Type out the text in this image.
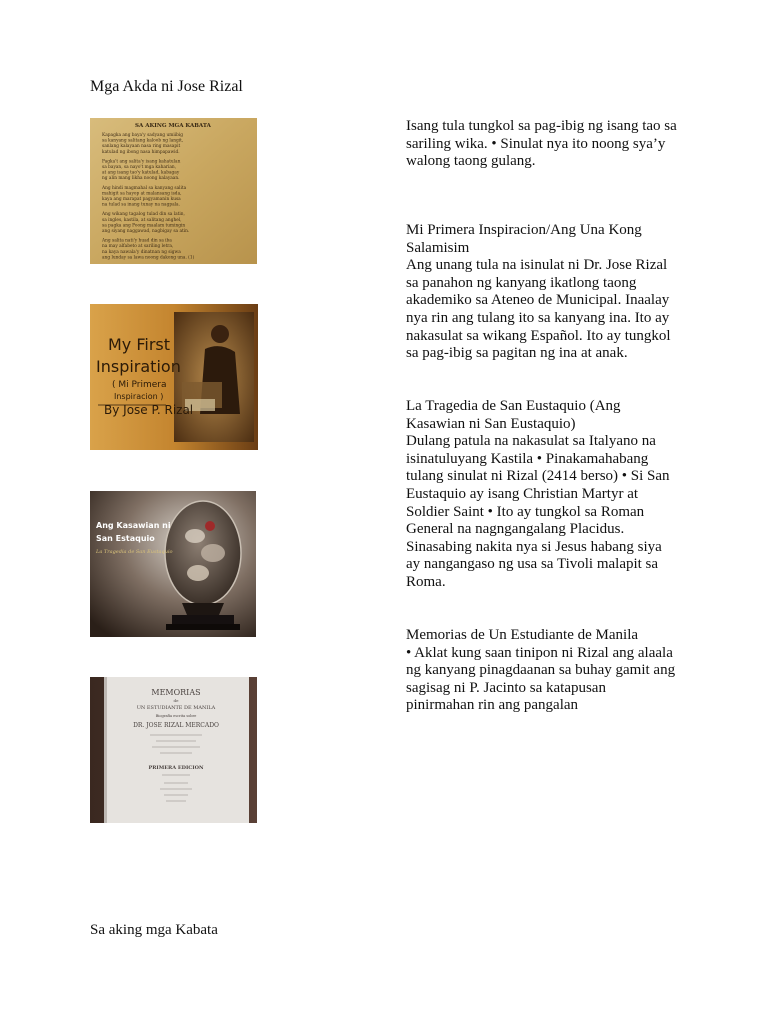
Mga Akda ni Jose Rizal
SA AKING MGA KABATA
Kapagka ang baya'y sadyang umiibig
sa kanyang salitang kaloob ng langit,
sanlang kalayaan nasa ring masapit
katulad ng ibong nasa himpapawid.
Pagka't ang salita'y isang kahatulan
sa bayan, sa nayo't mga kaharian,
at ang isang tao'y katulad, kabagay
ng alin mang likha noong kalayaan.
Ang hindi magmahal sa kanyang salita
mahigit sa hayop at malansang isda,
kaya ang marapat pagyamanin kusa
na tulad sa inang tunay na nagpala.
Ang wikang tagalog tulad din sa latin,
sa ingles, kastila, at salitang anghel,
sa pagka ang Poong maalam tumingin
ang siyang naggawad, nagbigay sa atin.
Ang salita nati'y huad din sa iba
na may alfabeto at sariling letra,
na kaya nawala'y dinatnan ng sigwa
ang lunday sa lawa noong dakong una. (1)
My First
Inspiration
( Mi Primera
Inspiracion )
By Jose P. Rizal
Ang Kasawian ni
San Estaquio
La Tragedia de San Eustaquio
MEMORIAS
de
UN ESTUDIANTE DE MANILA
Biografía escrita sobre
DR. JOSE RIZAL MERCADO
PRIMERA EDICION

Isang tula tungkol sa pag-ibig ng isang tao sa sariling wika. • Sinulat nya ito noong sya’y walong taong gulang.

Mi Primera Inspiracion/Ang Una Kong Salamisim
Ang unang tula na isinulat ni Dr. Jose Rizal sa panahon ng kanyang ikatlong taong akademiko sa Ateneo de Municipal. Inaalay nya rin ang tulang ito sa kanyang ina. Ito ay nakasulat sa wikang Español. Ito ay tungkol sa pag-ibig sa pagitan ng ina at anak.

La Tragedia de San Eustaquio (Ang Kasawian ni San Eustaquio)
Dulang patula na nakasulat sa Italyano na isinatuluyang Kastila • Pinakamahabang tulang sinulat ni Rizal (2414 berso) • Si San Eustaquio ay isang Christian Martyr at Soldier Saint • Ito ay tungkol sa Roman General na nagngangalang Placidus. Sinasabing nakita nya si Jesus habang siya ay nangangaso ng usa sa Tivoli malapit sa Roma.

Memorias de Un Estudiante de Manila
• Aklat kung saan tinipon ni Rizal ang alaala ng kanyang pinagdaanan sa buhay gamit ang sagisag ni P. Jacinto sa katapusan pinirmahan rin ang pangalan

Sa aking mga Kabata
